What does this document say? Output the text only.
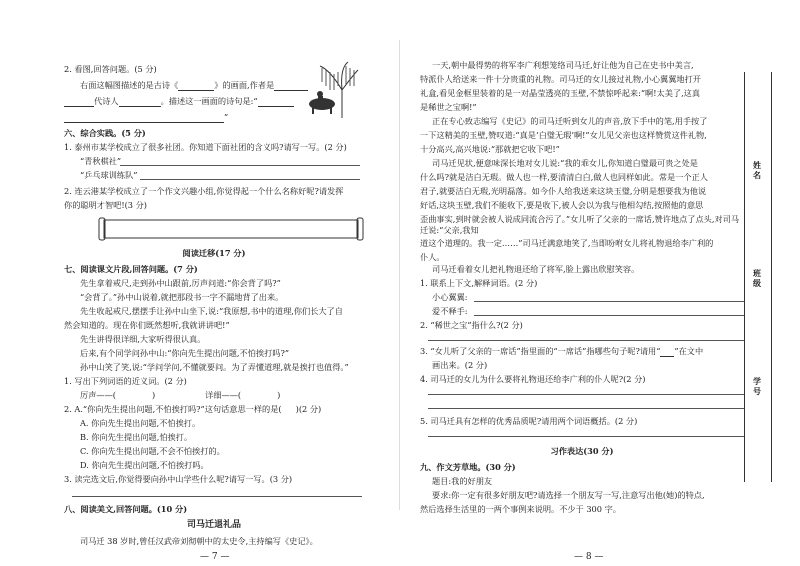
2. 看图,回答问题。(5 分)
右面这幅图描述的是古诗《	》的画面,作者是
代诗人	。描述这一画面的诗句是:“
”
六、综合实践。(5 分)
1. 泰州市某学校成立了很多社团。你知道下面社团的含义吗?请写一写。(2 分)
“青秋棋社”
“乒乓球训练队”
2. 连云港某学校成立了一个作文兴趣小组,你觉得起一个什么名称好呢?请发挥
你的聪明才智吧!(3 分)
阅读迁移(17 分)
七、阅读课文片段,回答问题。(7 分)
先生拿着戒尺,走到孙中山跟前,厉声问道:“你会背了吗?”
“会背了。”孙中山说着,就把那段书一字不漏地背了出来。
先生收起戒尺,摆摆手让孙中山坐下,说:“我原想,书中的道理,你们长大了自
然会知道的。现在你们既然想听,我就讲讲吧!”
先生讲得很详细,大家听得很认真。
后来,有个同学问孙中山:“你向先生提出问题,不怕挨打吗?”
孙中山笑了笑,说:“学问学问,不懂就要问。为了弄懂道理,就是挨打也值得。”
1. 写出下列词语的近义词。(2 分)
厉声——(	)	详细——(	)
2. A.“你向先生提出问题,不怕挨打吗?”这句话意思一样的是( )(2 分)
A. 你向先生提出问题,不怕挨打。
B. 你向先生提出问题,怕挨打。
C. 你向先生提出问题,不会不怕挨打的。
D. 你向先生提出问题,不怕挨打吗。
3. 读完选文后,你觉得要向孙中山学些什么呢?请写一写。(3 分)
八、阅读美文,回答问题。(10 分)
司马迁退礼品
司马迁 38 岁时,曾任汉武帝刘彻朝中的太史令,主持编写《史记》。
— 7 —
一天,朝中最得势的将军李广利想笼络司马迁,好让他为自己在史书中美言,
特派仆人给送来一件十分贵重的礼物。司马迁的女儿接过礼物,小心翼翼地打开
礼盒,看见金框里装着的是一对晶莹透亮的玉壁,不禁惊呼起来:“啊!太美了,这真
是稀世之宝啊!”
正在专心致志编写《史记》的司马迁听到女儿的声音,放下手中的笔,用手按了
一下这精美的玉壁,赞叹道:“真是‘白璧无瑕’啊!”女儿见父亲也这样赞赏这件礼物,
十分高兴,高兴地说:“那就把它收下吧!”
司马迁见状,便意味深长地对女儿说:“我的乖女儿,你知道白璧最可贵之处是
什么吗?就是洁白无瑕。做人也一样,要清清白白,做人也同样如此。常是一个正人
君子,就要洁白无瑕,光明磊落。如今仆人给我送来这块玉璧,分明是想要我为他说
好话,这块玉壁,我们不能收下,要是收下,被人会以为我与他相勾结,按照他的意思
歪曲事实,到时就会被人说成同流合污了。”女儿听了父亲的一席话,赞许地点了点头,对司马迁说:“父亲,我知
道这个道理的。我一定……”司马迁满意地笑了,当即吩咐女儿将礼物退给李广利的
仆人。
司马迁看着女儿把礼物退还给了将军,脸上露出欣慰笑容。
1. 联系上下文,解释词语。(2 分)
小心翼翼:
爱不释手:
2. “稀世之宝”指什么?(2 分)
3. “女儿听了父亲的一席话”指里面的“一席话”指哪些句子呢?请用“ ”在文中
画出来。(2 分)
4. 司马迁的女儿为什么要将礼物退还给李广利的仆人呢?(2 分)
5. 司马迁具有怎样的优秀品质呢?请用两个词语概括。(2 分)
习作表达(30 分)
九、作文芳草地。(30 分)
题目:我的好朋友
要求:你一定有很多好朋友吧?请选择一个朋友写一写,注意写出他(她)的特点,
然后选择生活里的一两个事例来说明。不少于 300 字。
— 8 —
姓
名
班
级
学
号
